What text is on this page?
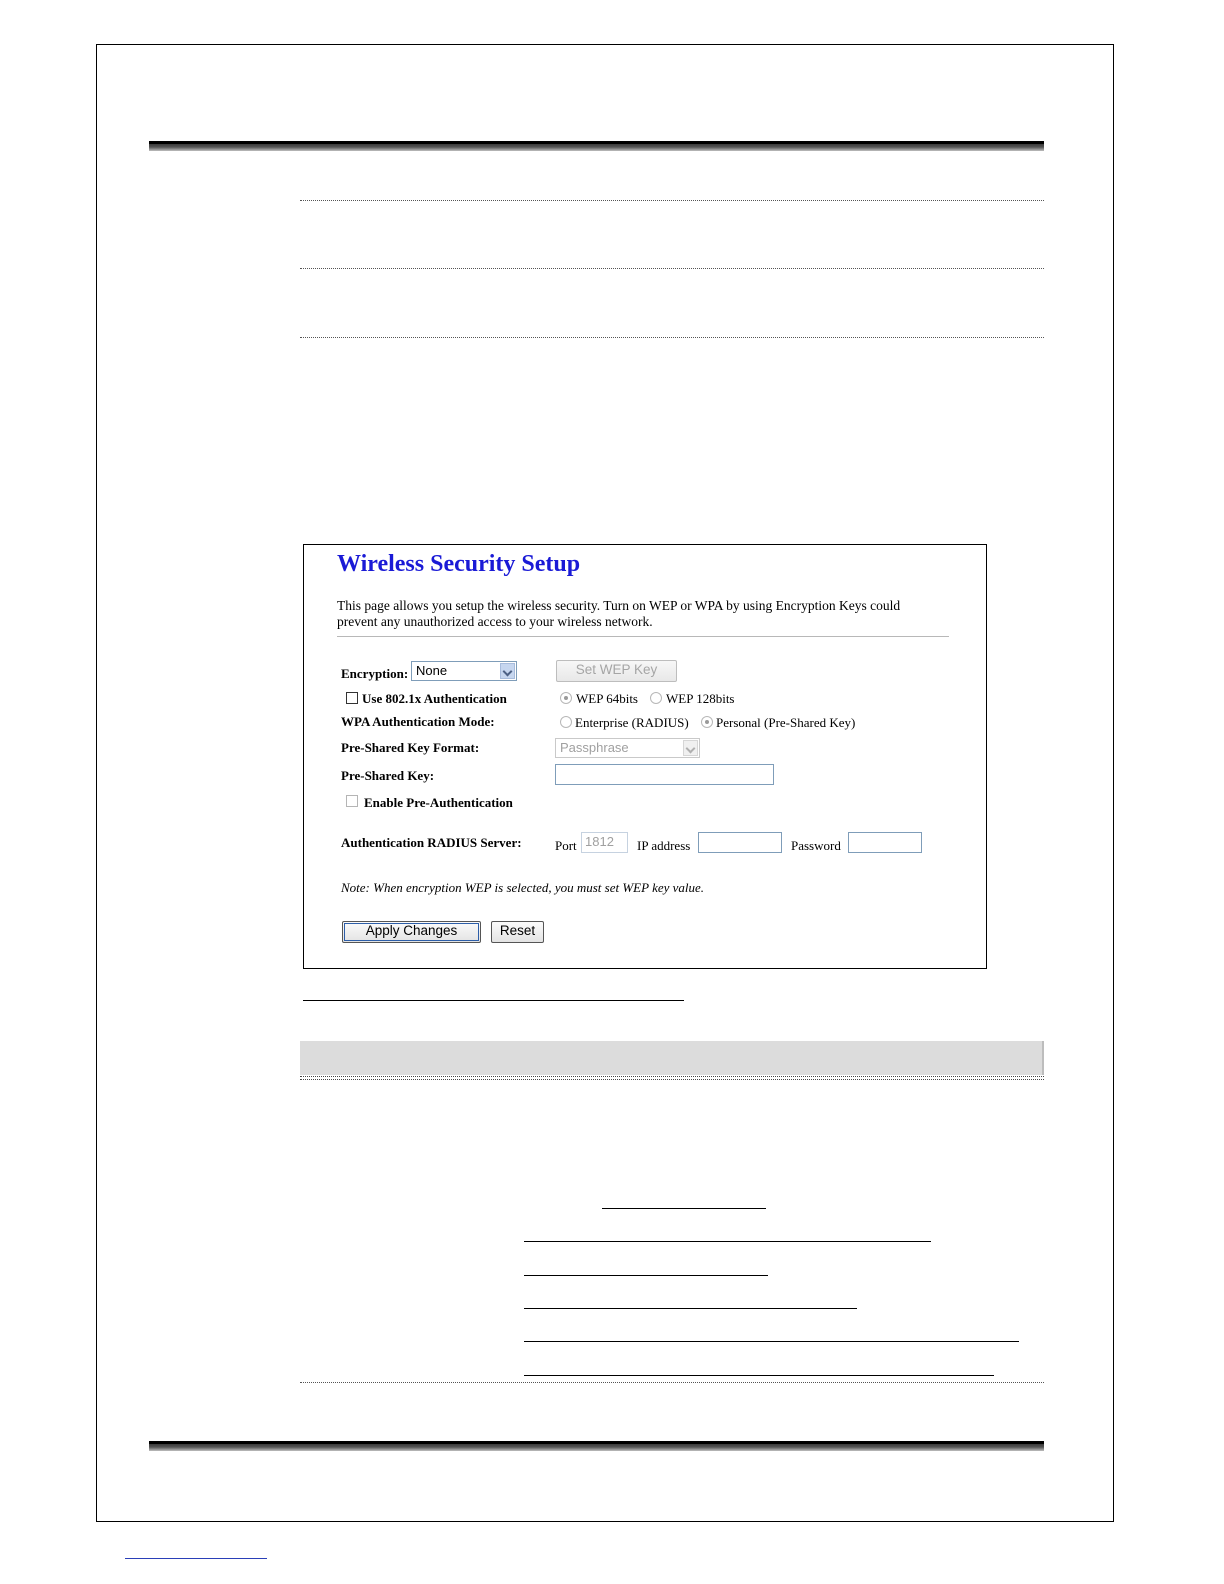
Wireless Security Setup
This page allows you setup the wireless security. Turn on WEP or WPA by using Encryption Keys could prevent any unauthorized access to your wireless network.
Encryption: None	Set WEP Key
Use 802.1x Authentication	WEP 64bits WEP 128bits
WPA Authentication Mode:	Enterprise (RADIUS) Personal (Pre-Shared Key)
Pre-Shared Key Format:	Passphrase
Pre-Shared Key:
Enable Pre-Authentication
Authentication RADIUS Server:	Port 1812	IP address	Password
Note: When encryption WEP is selected, you must set WEP key value.
Apply Changes	Reset
